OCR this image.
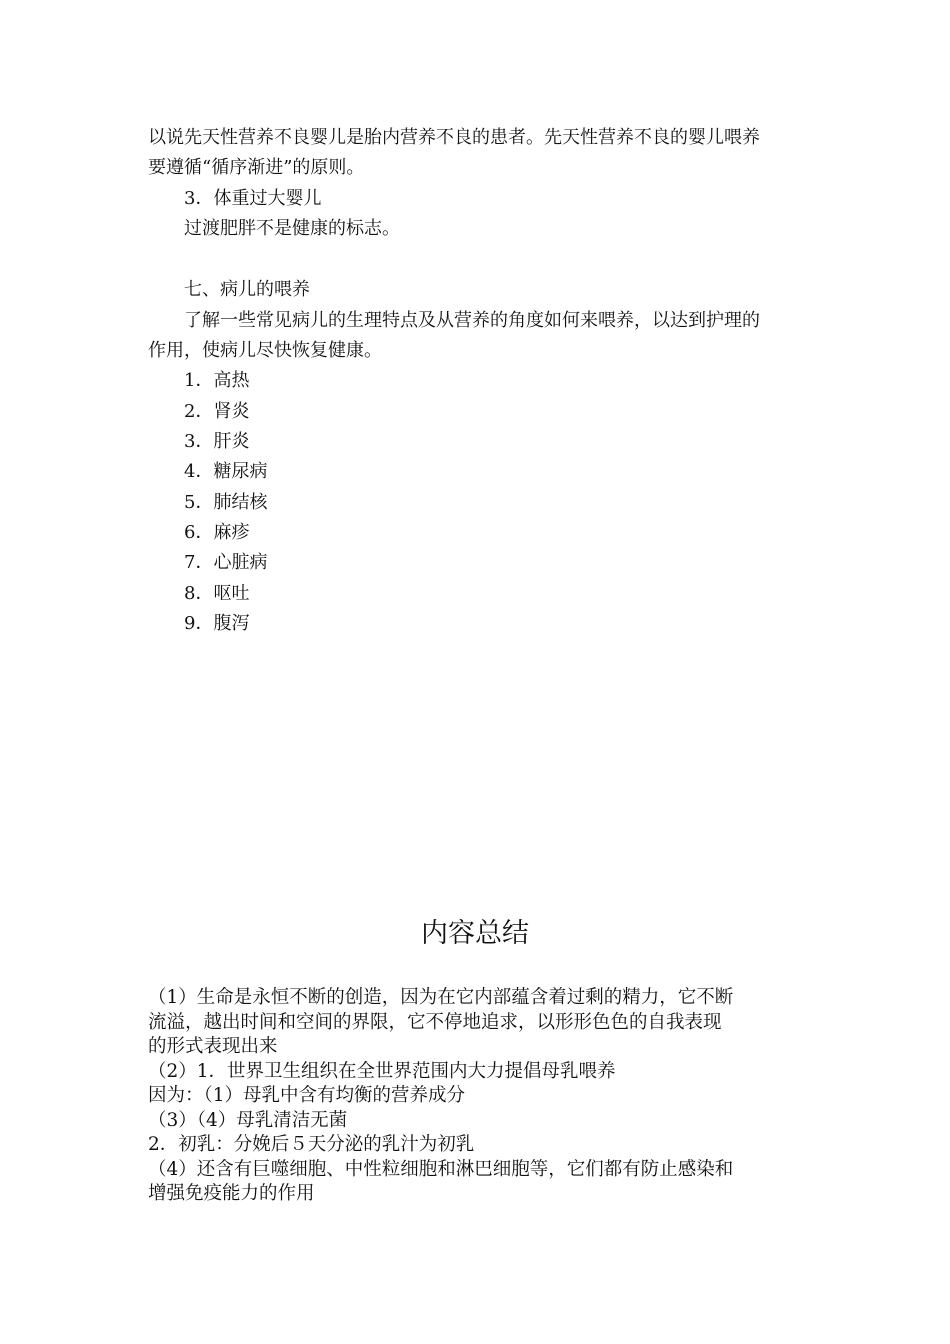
以说先天性营养不良婴儿是胎内营养不良的患者。先天性营养不良的婴儿喂养
要遵循“循序渐进”的原则。
3．体重过大婴儿
过渡肥胖不是健康的标志。
七、病儿的喂养
了解一些常见病儿的生理特点及从营养的角度如何来喂养，以达到护理的
作用，使病儿尽快恢复健康。
1．高热
2．肾炎
3．肝炎
4．糖尿病
5．肺结核
6．麻疹
7．心脏病
8．呕吐
9．腹泻
内容总结
（1）生命是永恒不断的创造，因为在它内部蕴含着过剩的精力，它不断
流溢，越出时间和空间的界限，它不停地追求，以形形色色的自我表现
的形式表现出来
（2）1．世界卫生组织在全世界范围内大力提倡母乳喂养
因为：（1）母乳中含有均衡的营养成分
（3）（4）母乳清洁无菌
2．初乳：分娩后５天分泌的乳汁为初乳
（4）还含有巨噬细胞、中性粒细胞和淋巴细胞等，它们都有防止感染和
增强免疫能力的作用
